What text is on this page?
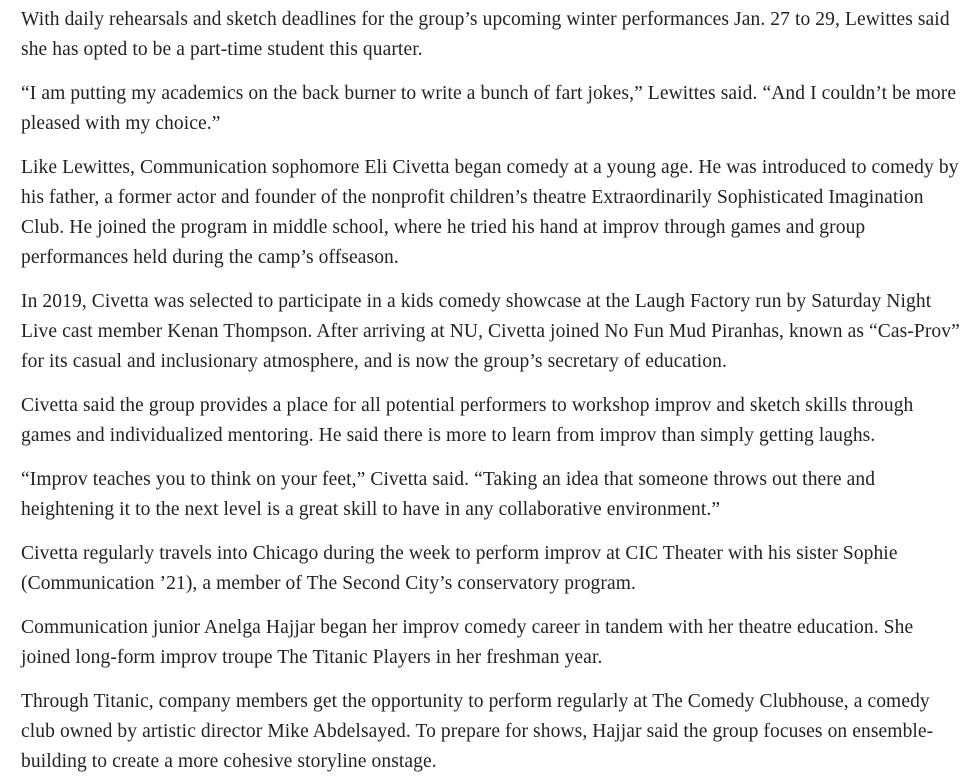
With daily rehearsals and sketch deadlines for the group’s upcoming winter performances Jan. 27 to 29, Lewittes said she has opted to be a part-time student this quarter.

“I am putting my academics on the back burner to write a bunch of fart jokes,” Lewittes said. “And I couldn’t be more pleased with my choice.”

Like Lewittes, Communication sophomore Eli Civetta began comedy at a young age. He was introduced to comedy by his father, a former actor and founder of the nonprofit children’s theatre Extraordinarily Sophisticated Imagination Club. He joined the program in middle school, where he tried his hand at improv through games and group performances held during the camp’s offseason.

In 2019, Civetta was selected to participate in a kids comedy showcase at the Laugh Factory run by Saturday Night Live cast member Kenan Thompson. After arriving at NU, Civetta joined No Fun Mud Piranhas, known as “Cas-Prov” for its casual and inclusionary atmosphere, and is now the group’s secretary of education.

Civetta said the group provides a place for all potential performers to workshop improv and sketch skills through games and individualized mentoring. He said there is more to learn from improv than simply getting laughs.

“Improv teaches you to think on your feet,” Civetta said. “Taking an idea that someone throws out there and heightening it to the next level is a great skill to have in any collaborative environment.”

Civetta regularly travels into Chicago during the week to perform improv at CIC Theater with his sister Sophie (Communication ’21), a member of The Second City’s conservatory program.

Communication junior Anelga Hajjar began her improv comedy career in tandem with her theatre education. She joined long-form improv troupe The Titanic Players in her freshman year.

Through Titanic, company members get the opportunity to perform regularly at The Comedy Clubhouse, a comedy club owned by artistic director Mike Abdelsayed. To prepare for shows, Hajjar said the group focuses on ensemble-building to create a more cohesive storyline onstage.
